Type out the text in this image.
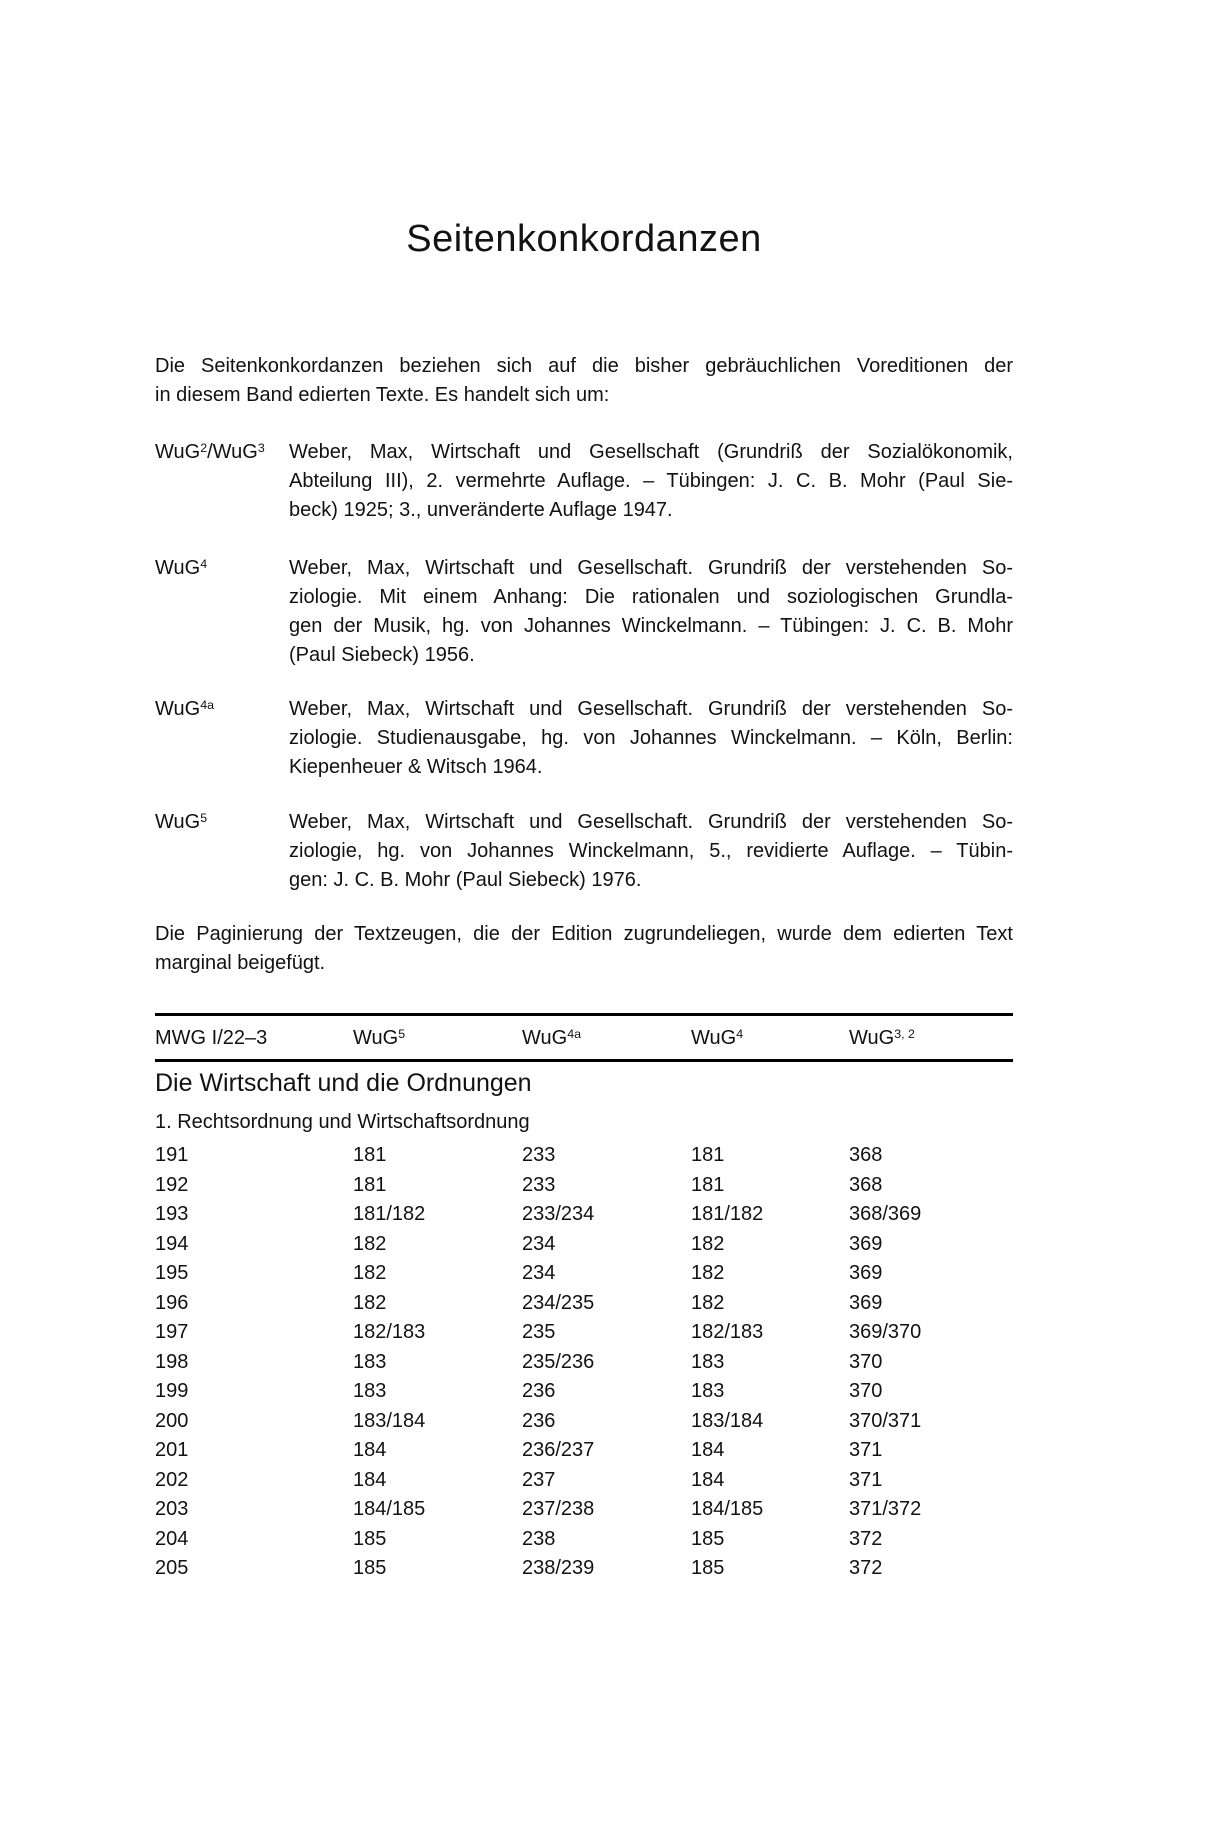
Seitenkonkordanzen
Die Seitenkonkordanzen beziehen sich auf die bisher gebräuchlichen Voreditionen der
in diesem Band edierten Texte. Es handelt sich um:
WuG$^2$/WuG$^3$	Weber, Max, Wirtschaft und Gesellschaft (Grundriß der Sozialökonomik,
Abteilung III), 2. vermehrte Auflage. – Tübingen: J. C. B. Mohr (Paul Sie-
beck) 1925; 3., unveränderte Auflage 1947.
WuG$^4$	Weber, Max, Wirtschaft und Gesellschaft. Grundriß der verstehenden So-
ziologie. Mit einem Anhang: Die rationalen und soziologischen Grundla-
gen der Musik, hg. von Johannes Winckelmann. – Tübingen: J. C. B. Mohr
(Paul Siebeck) 1956.
WuG$^{4a}$	Weber, Max, Wirtschaft und Gesellschaft. Grundriß der verstehenden So-
ziologie. Studienausgabe, hg. von Johannes Winckelmann. – Köln, Berlin:
Kiepenheuer & Witsch 1964.
WuG$^5$	Weber, Max, Wirtschaft und Gesellschaft. Grundriß der verstehenden So-
ziologie, hg. von Johannes Winckelmann, 5., revidierte Auflage. – Tübin-
gen: J. C. B. Mohr (Paul Siebeck) 1976.
Die Paginierung der Textzeugen, die der Edition zugrundeliegen, wurde dem edierten Text
marginal beigefügt.
MWG I/22–3	WuG$^5$	WuG$^{4a}$	WuG$^4$	WuG$^{3, 2}$
Die Wirtschaft und die Ordnungen
1. Rechtsordnung und Wirtschaftsordnung
191	181	233	181	368
192	181	233	181	368
193	181/182	233/234	181/182	368/369
194	182	234	182	369
195	182	234	182	369
196	182	234/235	182	369
197	182/183	235	182/183	369/370
198	183	235/236	183	370
199	183	236	183	370
200	183/184	236	183/184	370/371
201	184	236/237	184	371
202	184	237	184	371
203	184/185	237/238	184/185	371/372
204	185	238	185	372
205	185	238/239	185	372
